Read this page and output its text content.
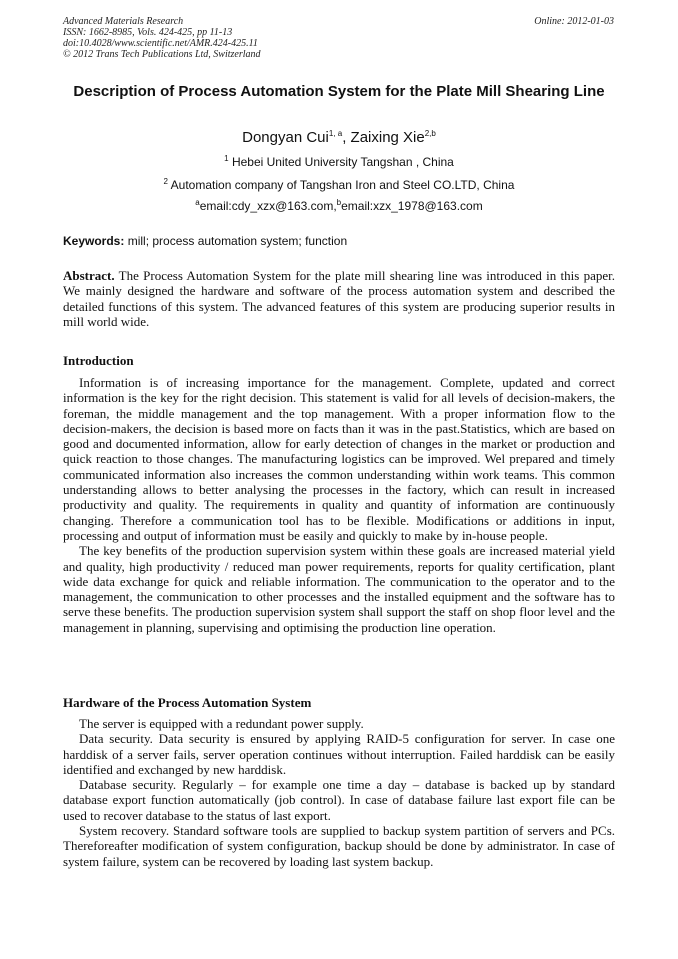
Advanced Materials Research
ISSN: 1662-8985, Vols. 424-425, pp 11-13
doi:10.4028/www.scientific.net/AMR.424-425.11
© 2012 Trans Tech Publications Ltd, Switzerland
Online: 2012-01-03
Description of Process Automation System for the Plate Mill Shearing Line
Dongyan Cui$^{1, a}$, Zaixing Xie$^{2,b}$
$^1$ Hebei United University Tangshan , China
$^2$ Automation company of Tangshan Iron and Steel CO.LTD, China
$^a$email:cdy_xzx@163.com,$^b$email:xzx_1978@163.com
Keywords: mill; process automation system; function

Abstract. The Process Automation System for the plate mill shearing line was introduced in this paper. We mainly designed the hardware and software of the process automation system and described the detailed functions of this system. The advanced features of this system are producing superior results in mill world wide.

Introduction

Information is of increasing importance for the management. Complete, updated and correct information is the key for the right decision. This statement is valid for all levels of decision-makers, the foreman, the middle management and the top management. With a proper information flow to the decision-makers, the decision is based more on facts than it was in the past.Statistics, which are based on good and documented information, allow for early detection of changes in the market or production and quick reaction to those changes. The manufacturing logistics can be improved. Wel prepared and timely communicated information also increases the common understanding within work teams. This common understanding allows to better analysing the processes in the factory, which can result in increased productivity and quality. The requirements in quality and quantity of information are continuously changing. Therefore a communication tool has to be flexible. Modifications or additions in input, processing and output of information must be easily and quickly to make by in-house people.

The key benefits of the production supervision system within these goals are increased material yield and quality, high productivity / reduced man power requirements, reports for quality certification, plant wide data exchange for quick and reliable information. The communication to the operator and to the management, the communication to other processes and the installed equipment and the software has to serve these benefits. The production supervision system shall support the staff on shop floor level and the management in planning, supervising and optimising the production line operation.

Hardware of the Process Automation System

The server is equipped with a redundant power supply.

Data security. Data security is ensured by applying RAID-5 configuration for server. In case one harddisk of a server fails, server operation continues without interruption. Failed harddisk can be easily identified and exchanged by new harddisk.

Database security. Regularly – for example one time a day – database is backed up by standard database export function automatically (job control). In case of database failure last export file can be used to recover database to the status of last export.

System recovery. Standard software tools are supplied to backup system partition of servers and PCs. Thereforeafter modification of system configuration, backup should be done by administrator. In case of system failure, system can be recovered by loading last system backup.
